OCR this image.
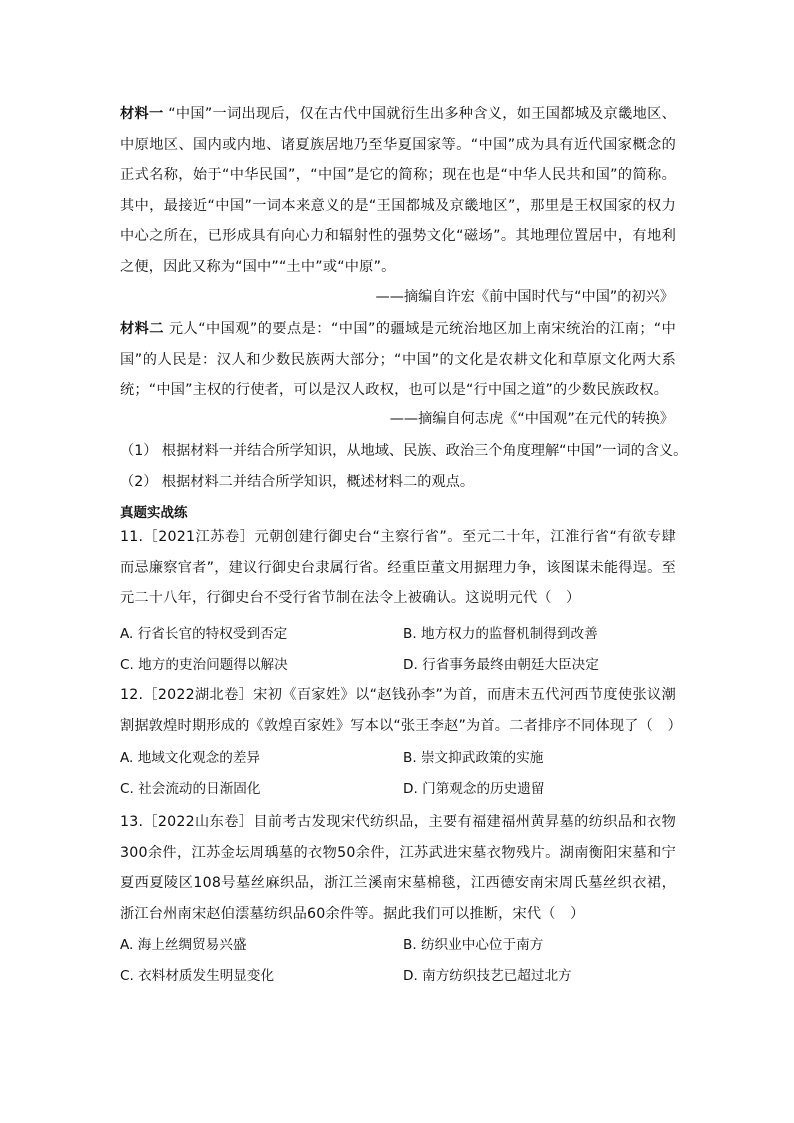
材料一 “中国”一词出现后，仅在古代中国就衍生出多种含义，如王国都城及京畿地区、中原地区、国内或内地、诸夏族居地乃至华夏国家等。“中国”成为具有近代国家概念的正式名称，始于“中华民国”，“中国”是它的简称；现在也是“中华人民共和国”的简称。其中，最接近“中国”一词本来意义的是“王国都城及京畿地区”，那里是王权国家的权力中心之所在，已形成具有向心力和辐射性的强势文化“磁场”。其地理位置居中，有地利之便，因此又称为“国中”“土中”或“中原”。

——摘编自许宏《前中国时代与“中国”的初兴》

材料二 元人“中国观”的要点是：“中国”的疆域是元统治地区加上南宋统治的江南；“中国”的人民是：汉人和少数民族两大部分；“中国”的文化是农耕文化和草原文化两大系统；“中国”主权的行使者，可以是汉人政权，也可以是“行中国之道”的少数民族政权。

——摘编自何志虎《“中国观”在元代的转换》

（1） 根据材料一并结合所学知识，从地域、民族、政治三个角度理解“中国”一词的含义。

（2） 根据材料二并结合所学知识，概述材料二的观点。

真题实战练

11.［2021江苏卷］元朝创建行御史台“主察行省”。至元二十年，江淮行省“有欲专肆而忌廉察官者”，建议行御史台隶属行省。经重臣董文用据理力争，该图谋未能得逞。至元二十八年，行御史台不受行省节制在法令上被确认。这说明元代（　）

A. 行省长官的特权受到否定	B. 地方权力的监督机制得到改善

C. 地方的吏治问题得以解决	D. 行省事务最终由朝廷大臣决定

12.［2022湖北卷］宋初《百家姓》以“赵钱孙李”为首，而唐末五代河西节度使张议潮割据敦煌时期形成的《敦煌百家姓》写本以“张王李赵”为首。二者排序不同体现了（　）

A. 地域文化观念的差异	B. 崇文抑武政策的实施

C. 社会流动的日渐固化	D. 门第观念的历史遗留

13.［2022山东卷］目前考古发现宋代纺织品，主要有福建福州黄昇墓的纺织品和衣物300余件，江苏金坛周瑀墓的衣物50余件，江苏武进宋墓衣物残片。湖南衡阳宋墓和宁夏西夏陵区108号墓丝麻织品，浙江兰溪南宋墓棉毯，江西德安南宋周氏墓丝织衣裙，浙江台州南宋赵伯澐墓纺织品60余件等。据此我们可以推断，宋代（　）

A. 海上丝绸贸易兴盛	B. 纺织业中心位于南方

C. 衣料材质发生明显变化	D. 南方纺织技艺已超过北方
